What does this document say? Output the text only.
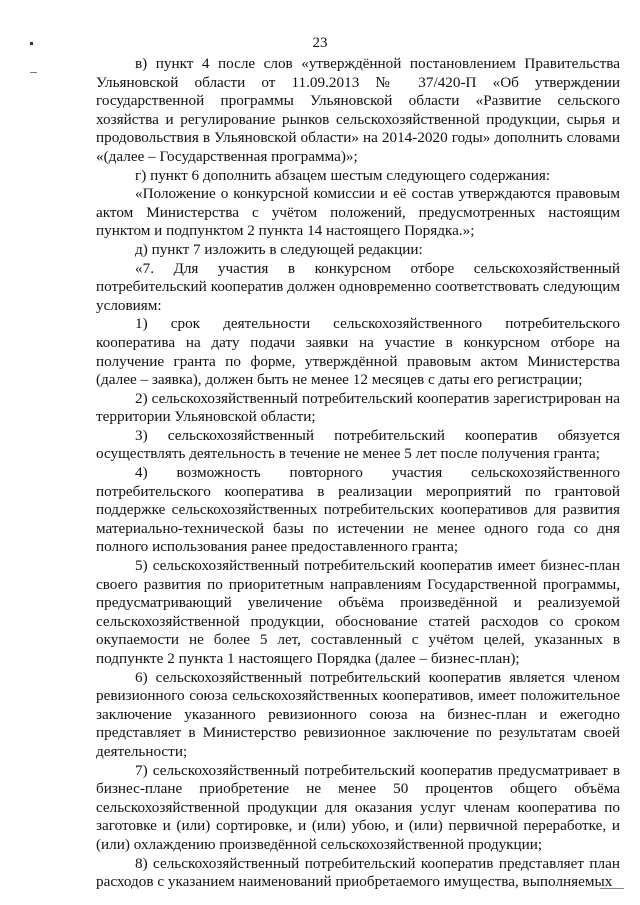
23

в) пункт 4 после слов «утверждённой постановлением Правительства Ульяновской области от 11.09.2013 № 37/420-П «Об утверждении государственной программы Ульяновской области «Развитие сельского хозяйства и регулирование рынков сельскохозяйственной продукции, сырья и продовольствия в Ульяновской области» на 2014-2020 годы» дополнить словами «(далее – Государственная программа)»;

г) пункт 6 дополнить абзацем шестым следующего содержания:

«Положение о конкурсной комиссии и её состав утверждаются правовым актом Министерства с учётом положений, предусмотренных настоящим пунктом и подпунктом 2 пункта 14 настоящего Порядка.»;

д) пункт 7 изложить в следующей редакции:

«7. Для участия в конкурсном отборе сельскохозяйственный потребительский кооператив должен одновременно соответствовать следующим условиям:

1) срок деятельности сельскохозяйственного потребительского кооператива на дату подачи заявки на участие в конкурсном отборе на получение гранта по форме, утверждённой правовым актом Министерства (далее – заявка), должен быть не менее 12 месяцев с даты его регистрации;

2) сельскохозяйственный потребительский кооператив зарегистрирован на территории Ульяновской области;

3) сельскохозяйственный потребительский кооператив обязуется осуществлять деятельность в течение не менее 5 лет после получения гранта;

4) возможность повторного участия сельскохозяйственного потребительского кооператива в реализации мероприятий по грантовой поддержке сельскохозяйственных потребительских кооперативов для развития материально-технической базы по истечении не менее одного года со дня полного использования ранее предоставленного гранта;

5) сельскохозяйственный потребительский кооператив имеет бизнес-план своего развития по приоритетным направлениям Государственной программы, предусматривающий увеличение объёма произведённой и реализуемой сельскохозяйственной продукции, обоснование статей расходов со сроком окупаемости не более 5 лет, составленный с учётом целей, указанных в подпункте 2 пункта 1 настоящего Порядка (далее – бизнес-план);

6) сельскохозяйственный потребительский кооператив является членом ревизионного союза сельскохозяйственных кооперативов, имеет положительное заключение указанного ревизионного союза на бизнес-план и ежегодно представляет в Министерство ревизионное заключение по результатам своей деятельности;

7) сельскохозяйственный потребительский кооператив предусматривает в бизнес-плане приобретение не менее 50 процентов общего объёма сельскохозяйственной продукции для оказания услуг членам кооператива по заготовке и (или) сортировке, и (или) убою, и (или) первичной переработке, и (или) охлаждению произведённой сельскохозяйственной продукции;

8) сельскохозяйственный потребительский кооператив представляет план расходов с указанием наименований приобретаемого имущества, выполняемых
